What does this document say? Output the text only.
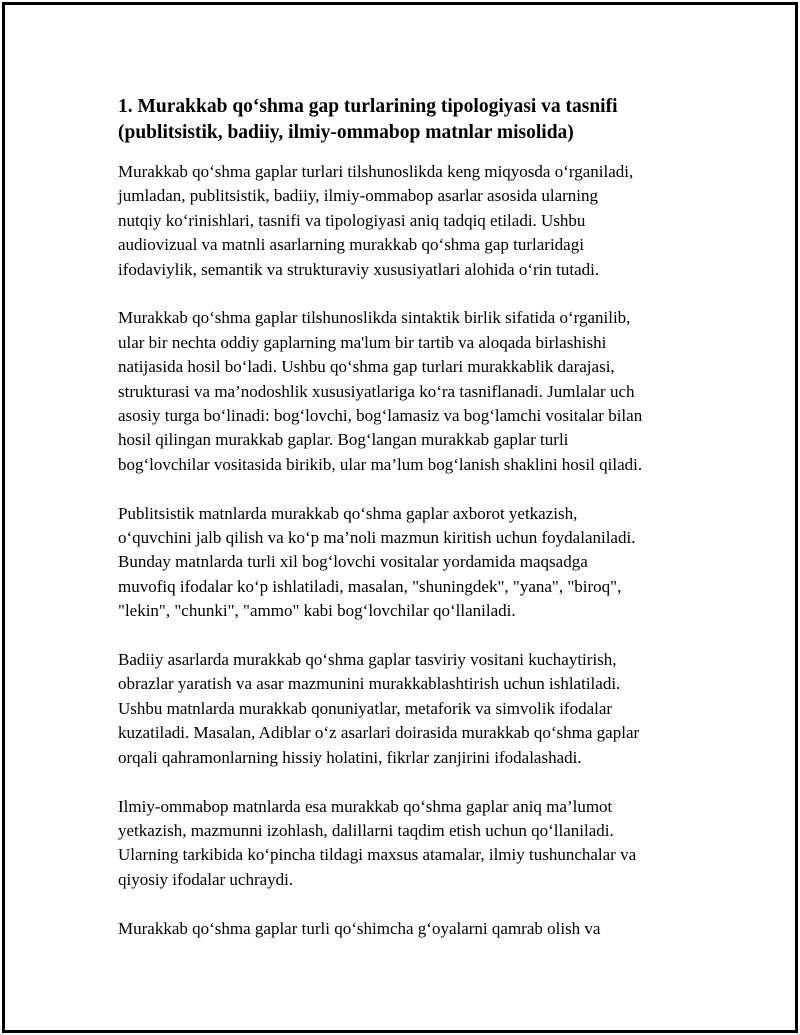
1. Murakkab qo‘shma gap turlarining tipologiyasi va tasnifi
(publitsistik, badiiy, ilmiy-ommabop matnlar misolida)

Murakkab qo‘shma gaplar turlari tilshunoslikda keng miqyosda o‘rganiladi,
jumladan, publitsistik, badiiy, ilmiy-ommabop asarlar asosida ularning
nutqiy ko‘rinishlari, tasnifi va tipologiyasi aniq tadqiq etiladi. Ushbu
audiovizual va matnli asarlarning murakkab qo‘shma gap turlaridagi
ifodaviylik, semantik va strukturaviy xususiyatlari alohida o‘rin tutadi.

Murakkab qo‘shma gaplar tilshunoslikda sintaktik birlik sifatida o‘rganilib,
ular bir nechta oddiy gaplarning ma'lum bir tartib va aloqada birlashishi
natijasida hosil bo‘ladi. Ushbu qo‘shma gap turlari murakkablik darajasi,
strukturasi va ma’nodoshlik xususiyatlariga ko‘ra tasniflanadi. Jumlalar uch
asosiy turga bo‘linadi: bog‘lovchi, bog‘lamasiz va bog‘lamchi vositalar bilan
hosil qilingan murakkab gaplar. Bog‘langan murakkab gaplar turli
bog‘lovchilar vositasida birikib, ular ma’lum bog‘lanish shaklini hosil qiladi.

Publitsistik matnlarda murakkab qo‘shma gaplar axborot yetkazish,
o‘quvchini jalb qilish va ko‘p ma’noli mazmun kiritish uchun foydalaniladi.
Bunday matnlarda turli xil bog‘lovchi vositalar yordamida maqsadga
muvofiq ifodalar ko‘p ishlatiladi, masalan, "shuningdek", "yana", "biroq",
"lekin", "chunki", "ammo" kabi bog‘lovchilar qo‘llaniladi.

Badiiy asarlarda murakkab qo‘shma gaplar tasviriy vositani kuchaytirish,
obrazlar yaratish va asar mazmunini murakkablashtirish uchun ishlatiladi.
Ushbu matnlarda murakkab qonuniyatlar, metaforik va simvolik ifodalar
kuzatiladi. Masalan, Adiblar o‘z asarlari doirasida murakkab qo‘shma gaplar
orqali qahramonlarning hissiy holatini, fikrlar zanjirini ifodalashadi.

Ilmiy-ommabop matnlarda esa murakkab qo‘shma gaplar aniq ma’lumot
yetkazish, mazmunni izohlash, dalillarni taqdim etish uchun qo‘llaniladi.
Ularning tarkibida ko‘pincha tildagi maxsus atamalar, ilmiy tushunchalar va
qiyosiy ifodalar uchraydi.

Murakkab qo‘shma gaplar turli qo‘shimcha g‘oyalarni qamrab olish va
